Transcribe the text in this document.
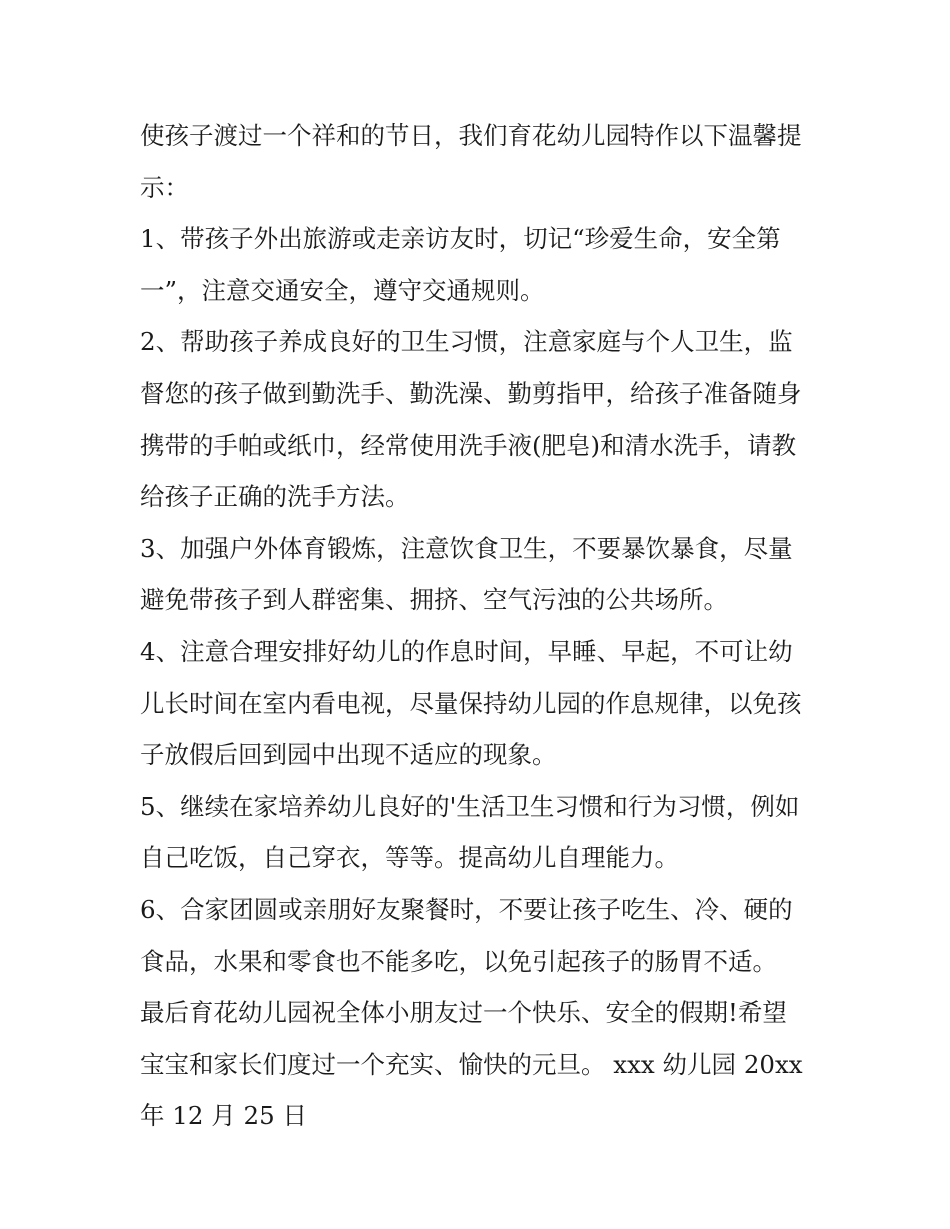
使孩子渡过一个祥和的节日，我们育花幼儿园特作以下温馨提
示：
1、带孩子外出旅游或走亲访友时，切记“珍爱生命，安全第
一”，注意交通安全，遵守交通规则。
2、帮助孩子养成良好的卫生习惯，注意家庭与个人卫生，监
督您的孩子做到勤洗手、勤洗澡、勤剪指甲，给孩子准备随身
携带的手帕或纸巾，经常使用洗手液(肥皂)和清水洗手，请教
给孩子正确的洗手方法。
3、加强户外体育锻炼，注意饮食卫生，不要暴饮暴食，尽量
避免带孩子到人群密集、拥挤、空气污浊的公共场所。
4、注意合理安排好幼儿的作息时间，早睡、早起，不可让幼
儿长时间在室内看电视，尽量保持幼儿园的作息规律，以免孩
子放假后回到园中出现不适应的现象。
5、继续在家培养幼儿良好的'生活卫生习惯和行为习惯，例如
自己吃饭，自己穿衣，等等。提高幼儿自理能力。
6、合家团圆或亲朋好友聚餐时，不要让孩子吃生、冷、硬的
食品，水果和零食也不能多吃，以免引起孩子的肠胃不适。
最后育花幼儿园祝全体小朋友过一个快乐、安全的假期!希望
宝宝和家长们度过一个充实、愉快的元旦。 xxx 幼儿园 20xx
年 12 月 25 日
